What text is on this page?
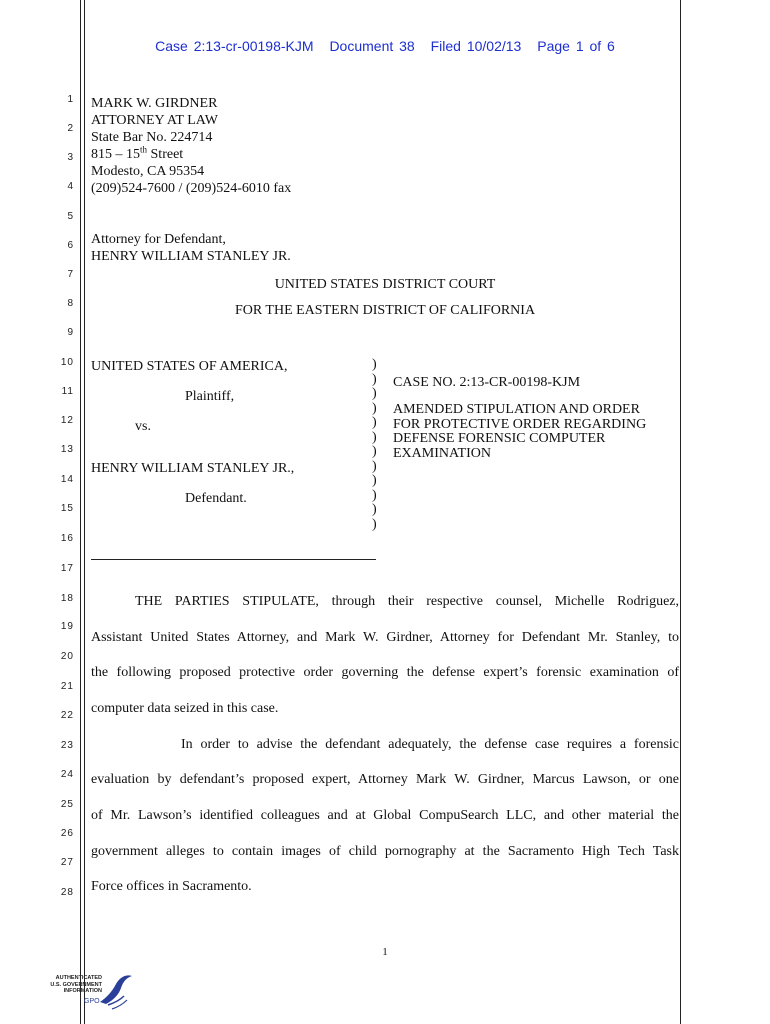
Case 2:13-cr-00198-KJM Document 38 Filed 10/02/13 Page 1 of 6
1
2
3
4
5
6
7
8
9
10
11
12
13
14
15
16
17
18
19
20
21
22
23
24
25
26
27
28
MARK W. GIRDNER
ATTORNEY AT LAW
State Bar No. 224714
815 – 15th Street
Modesto, CA 95354
(209)524-7600 / (209)524-6010 fax
Attorney for Defendant,
HENRY WILLIAM STANLEY JR.
UNITED STATES DISTRICT COURT
FOR THE EASTERN DISTRICT OF CALIFORNIA
UNITED STATES OF AMERICA,
Plaintiff,
vs.
HENRY WILLIAM STANLEY JR.,
Defendant.
)
)
)
)
)
)
)
)
)
)
)
)
CASE NO. 2:13-CR-00198-KJM
AMENDED STIPULATION AND ORDER
FOR PROTECTIVE ORDER REGARDING
DEFENSE FORENSIC COMPUTER
EXAMINATION
THE PARTIES STIPULATE, through their respective counsel, Michelle Rodriguez,
Assistant United States Attorney, and Mark W. Girdner, Attorney for Defendant Mr. Stanley, to
the following proposed protective order governing the defense expert’s forensic examination of
computer data seized in this case.
In order to advise the defendant adequately, the defense case requires a forensic
evaluation by defendant’s proposed expert, Attorney Mark W. Girdner, Marcus Lawson, or one
of Mr. Lawson’s identified colleagues and at Global CompuSearch LLC, and other material the
government alleges to contain images of child pornography at the Sacramento High Tech Task
Force offices in Sacramento.
1
AUTHENTICATED
U.S. GOVERNMENT
INFORMATION
GPO
